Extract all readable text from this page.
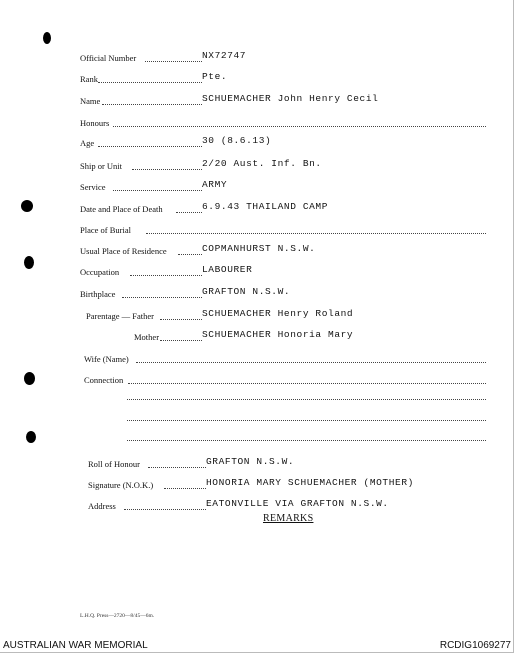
Official Number	NX72747
Rank	Pte.
Name	SCHUEMACHER John Henry Cecil
Honours
Age	30 (8.6.13)
Ship or Unit	2/20 Aust. Inf. Bn.
Service	ARMY
Date and Place of Death	6.9.43 THAILAND CAMP
Place of Burial
Usual Place of Residence	COPMANHURST N.S.W.
Occupation	LABOURER
Birthplace	GRAFTON N.S.W.
Parentage — Father	SCHUEMACHER Henry Roland
Mother	SCHUEMACHER Honoria Mary
Wife (Name)
Connection
Roll of Honour	GRAFTON N.S.W.
Signature (N.O.K.)	HONORIA MARY SCHUEMACHER (MOTHER)
Address	EATONVILLE VIA GRAFTON N.S.W.
REMARKS
L.H.Q. Press—2720—8/45—6m.
AUSTRALIAN WAR MEMORIAL	RCDIG1069277
